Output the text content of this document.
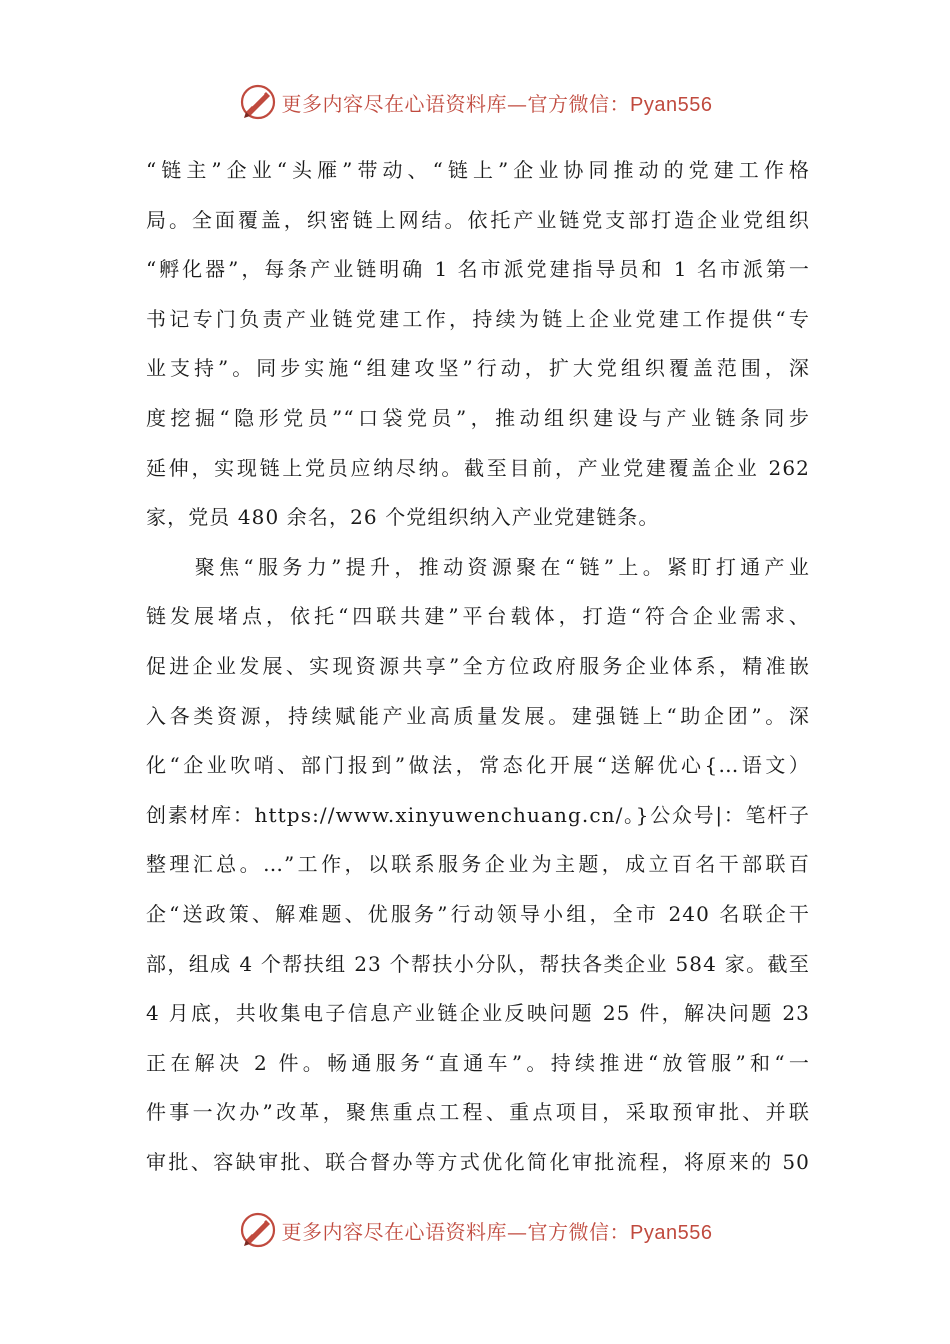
更多内容尽在心语资料库—官方微信：Pyan556
“链主”企业“头雁”带动、“链上”企业协同推动的党建工作格
局。全面覆盖，织密链上网结。依托产业链党支部打造企业党组织
“孵化器”，每条产业链明确 1 名市派党建指导员和 1 名市派第一
书记专门负责产业链党建工作，持续为链上企业党建工作提供“专
业支持”。同步实施“组建攻坚”行动，扩大党组织覆盖范围，深
度挖掘“隐形党员”“口袋党员”，推动组织建设与产业链条同步
延伸，实现链上党员应纳尽纳。截至目前，产业党建覆盖企业 262
家，党员 480 余名，26 个党组织纳入产业党建链条。
　　聚焦“服务力”提升，推动资源聚在“链”上。紧盯打通产业
链发展堵点，依托“四联共建”平台载体，打造“符合企业需求、
促进企业发展、实现资源共享”全方位政府服务企业体系，精准嵌
入各类资源，持续赋能产业高质量发展。建强链上“助企团”。深
化“企业吹哨、部门报到”做法，常态化开展“送解优心{…语文）
创素材库：https://www.xinyuwenchuang.cn/。}公众号|：笔杆子
整理汇总。…”工作，以联系服务企业为主题，成立百名干部联百
企“送政策、解难题、优服务”行动领导小组，全市 240 名联企干
部，组成 4 个帮扶组 23 个帮扶小分队，帮扶各类企业 584 家。截至
4 月底，共收集电子信息产业链企业反映问题 25 件，解决问题 23
正在解决 2 件。畅通服务“直通车”。持续推进“放管服”和“一
件事一次办”改革，聚焦重点工程、重点项目，采取预审批、并联
审批、容缺审批、联合督办等方式优化简化审批流程，将原来的 50
更多内容尽在心语资料库—官方微信：Pyan556
